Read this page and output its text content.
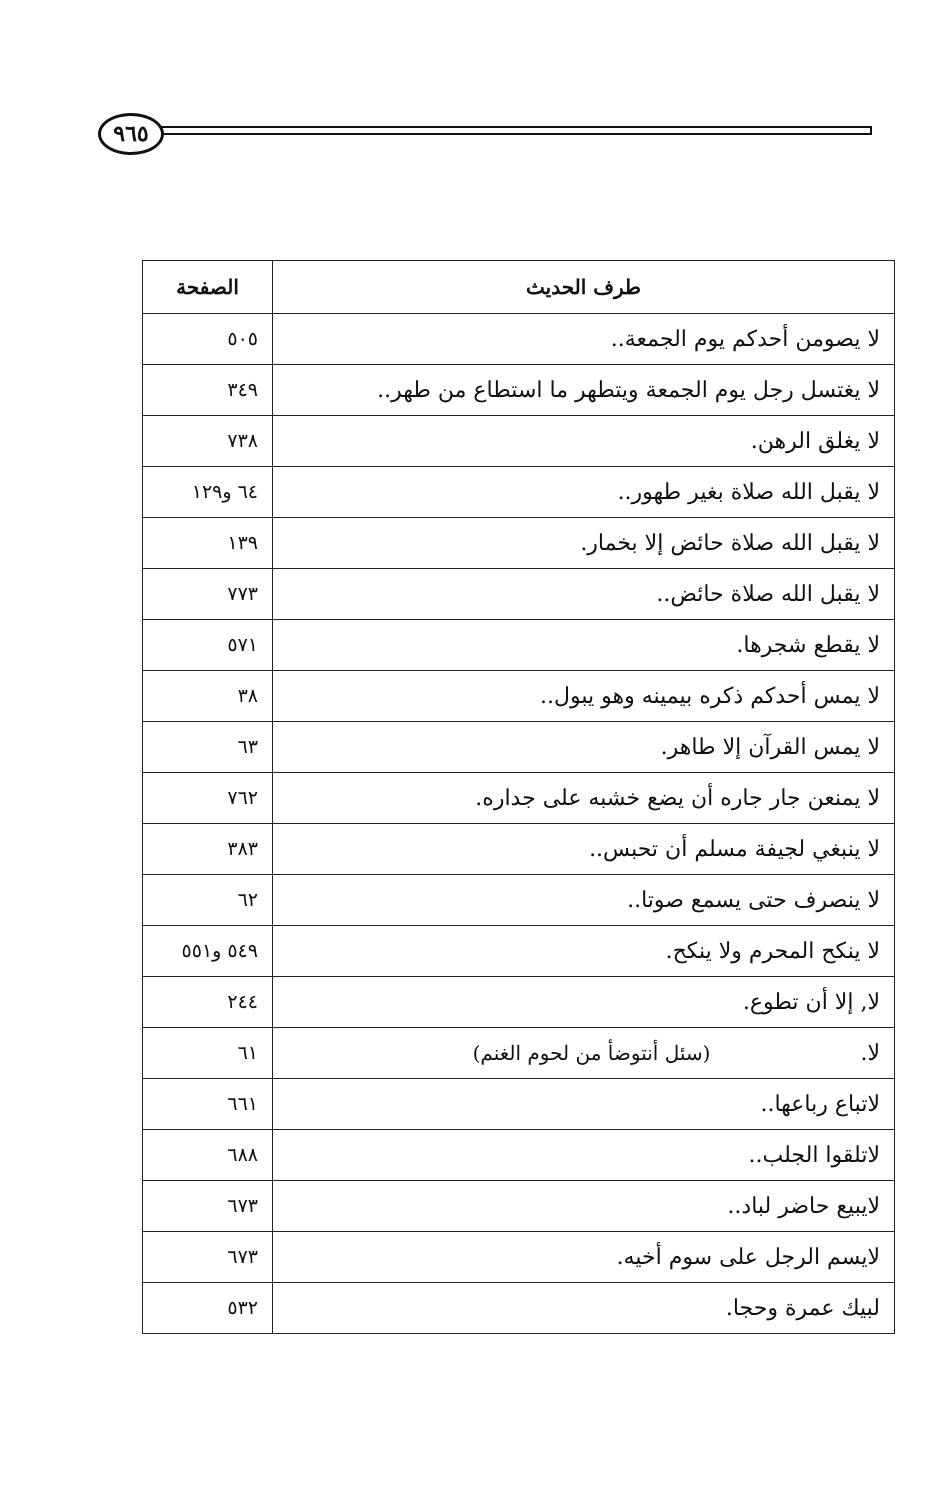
٩٦٥
طرف الحديث	الصفحة
لا يصومن أحدكم يوم الجمعة..	٥٠٥
لا يغتسل رجل يوم الجمعة ويتطهر ما استطاع من طهر..	٣٤٩
لا يغلق الرهن.	٧٣٨
لا يقبل الله صلاة بغير طهور..	٦٤ و١٢٩
لا يقبل الله صلاة حائض إلا بخمار.	١٣٩
لا يقبل الله صلاة حائض..	٧٧٣
لا يقطع شجرها.	٥٧١
لا يمس أحدكم ذكره بيمينه وهو يبول..	٣٨
لا يمس القرآن إلا طاهر.	٦٣
لا يمنعن جار جاره أن يضع خشبه على جداره.	٧٦٢
لا ينبغي لجيفة مسلم أن تحبس..	٣٨٣
لا ينصرف حتى يسمع صوتا..	٦٢
لا ينكح المحرم ولا ينكح.	٥٤٩ و٥٥١
لا, إلا أن تطوع.	٢٤٤
لا.(سئل أنتوضأ من لحوم الغنم)	٦١
لاتباع رباعها..	٦٦١
لاتلقوا الجلب..	٦٨٨
لايبيع حاضر لباد..	٦٧٣
لايسم الرجل على سوم أخيه.	٦٧٣
لبيك عمرة وحجا.	٥٣٢
